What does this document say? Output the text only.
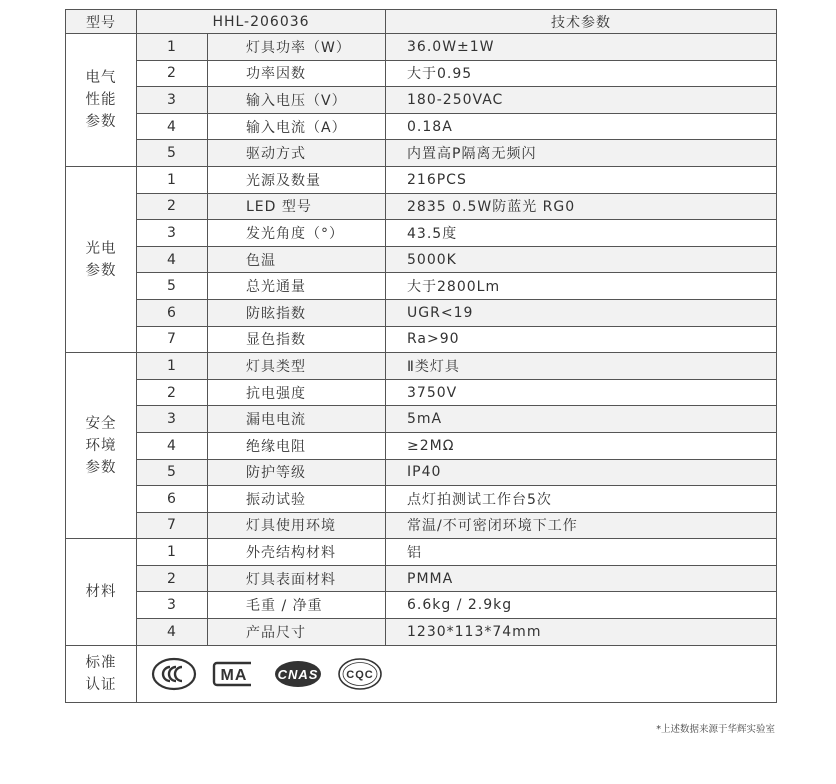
型号	HHL-206036		技术参数

电气
性能
参数	1	灯具功率（W）	36.0W±1W
	2	功率因数	大于0.95
	3	输入电压（V）	180-250VAC
	4	输入电流（A）	0.18A
	5	驱动方式	内置高P隔离无频闪

光电
参数	1	光源及数量	216PCS
	2	LED 型号	2835 0.5W防蓝光 RG0
	3	发光角度（°）	43.5度
	4	色温	5000K
	5	总光通量	大于2800Lm
	6	防眩指数	UGR<19
	7	显色指数	Ra>90

安全
环境
参数	1	灯具类型	Ⅱ类灯具
	2	抗电强度	3750V
	3	漏电电流	5mA
	4	绝缘电阻	≥2MΩ
	5	防护等级	IP40
	6	振动试验	点灯拍测试工作台5次
	7	灯具使用环境	常温/不可密闭环境下工作

材料	1	外壳结构材料	铝
	2	灯具表面材料	PMMA
	3	毛重 / 净重	6.6kg / 2.9kg
	4	产品尺寸	1230*113*74mm

标准
认证	MA CNAS CQC		
*上述数据来源于华辉实验室
